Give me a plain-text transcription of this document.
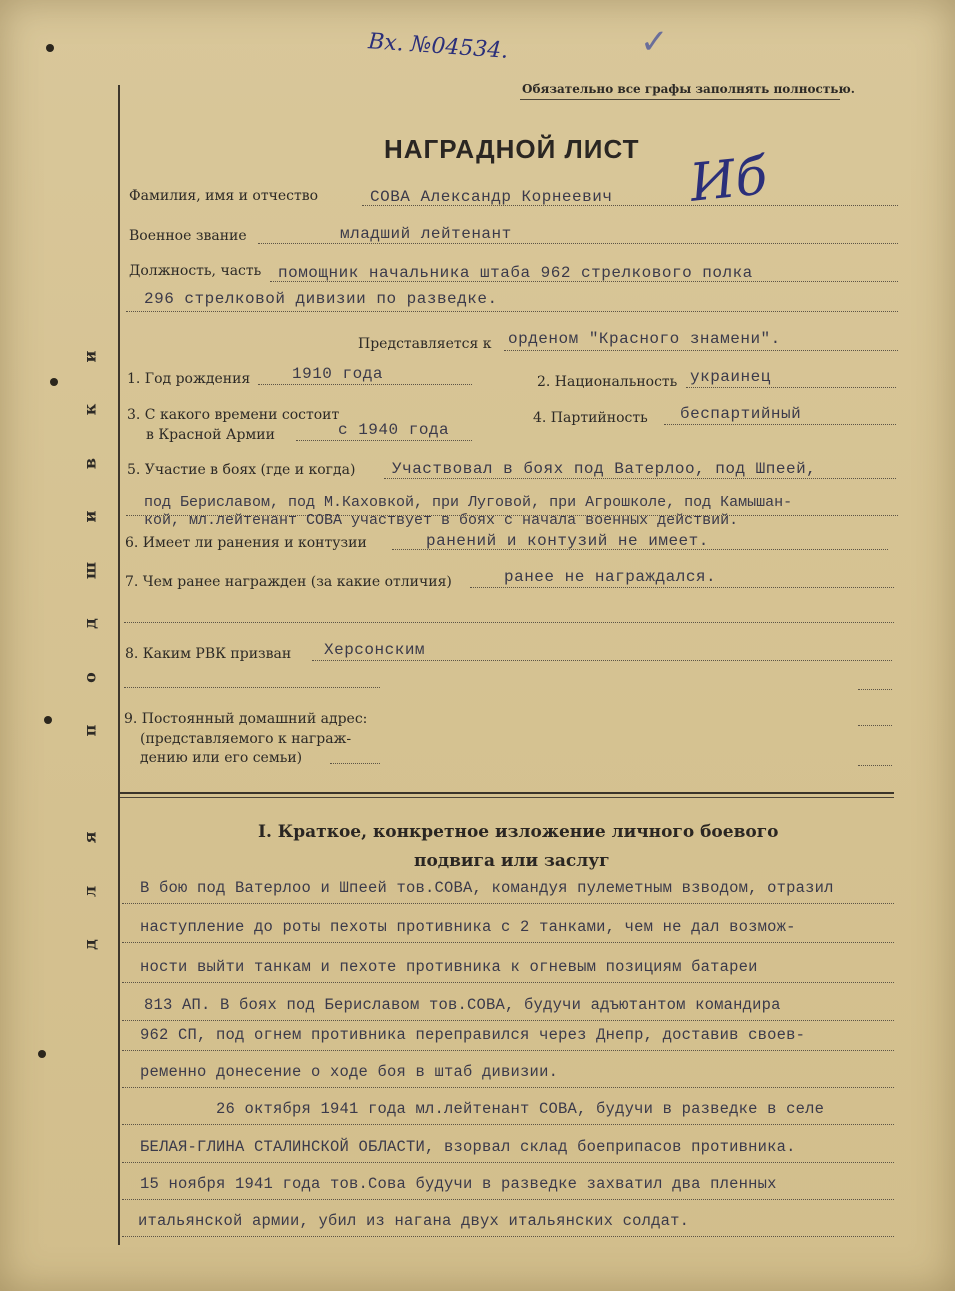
д
л
я
п
о
д
ш
и
в
к
и
Вх. №04534.	✓
Обязательно все графы заполнять полностью.
НАГРАДНОЙ ЛИСТ Иб
Фамилия, имя и отчество	СОВА Александр Корнеевич
Военное звание	младший лейтенант
Должность, часть помощник начальника штаба 962 стрелкового полка
296 стрелковой дивизии по разведке.
Представляется к орденом "Красного знамени".
1. Год рождения	1910 года	2. Национальность украинец
3. С какого времени состоит
в Красной Армии	с 1940 года
4. Партийность беспартийный
5. Участие в боях (где и когда) Участвовал в боях под Ватерлоо, под Шпеей,
под Бериславом, под М.Каховкой, при Луговой, при Агрошколе, под Камышан-
кой, мл.лейтенант СОВА участвует в боях с начала военных действий.
6. Имеет ли ранения и контузии	ранений и контузий не имеет.
7. Чем ранее награжден (за какие отличия)	ранее не награждался.
8. Каким РВК призван Херсонским
9. Постоянный домашний адрес:
(представляемого к награж-
дению или его семьи)
I. Краткое, конкретное изложение личного боевого
подвига или заслуг
В бою под Ватерлоо и Шпеей тов.СОВА, командуя пулеметным взводом, отразил
наступление до роты пехоты противника с 2 танками, чем не дал возмож-
ности выйти танкам и пехоте противника к огневым позициям батареи
813 АП. В боях под Бериславом тов.СОВА, будучи адъютантом командира
962 СП, под огнем противника переправился через Днепр, доставив своев-
ременно донесение о ходе боя в штаб дивизии.
26 октября 1941 года мл.лейтенант СОВА, будучи в разведке в селе
БЕЛАЯ-ГЛИНА СТАЛИНСКОЙ ОБЛАСТИ, взорвал склад боеприпасов противника.
15 ноября 1941 года тов.Сова будучи в разведке захватил два пленных
итальянской армии, убил из нагана двух итальянских солдат.
